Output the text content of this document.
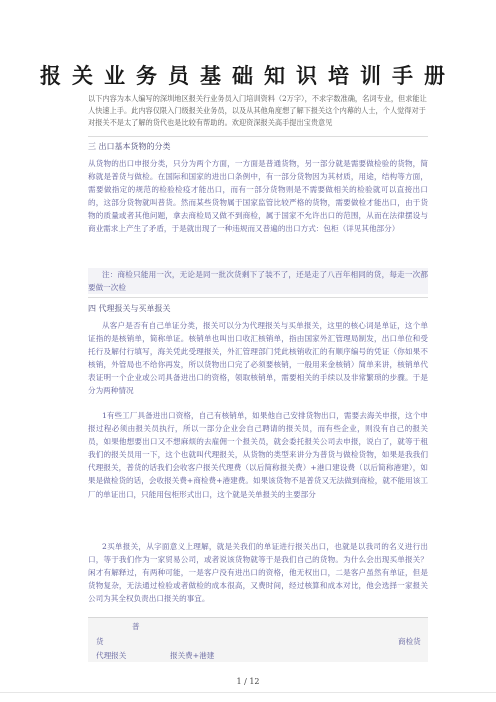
报关业务员基础知识培训手册

以下内容为本人编写的深圳地区报关行业务员入门培训资料（2万字），不求字数准确，名词专业，但求能让人快速上手。此内容仅限入门级报关业务员，以及从其他角度想了解下报关这个内幕的人士，个人觉得对于对报关不是太了解的货代也是比较有帮助的。欢迎资深报关高手提出宝贵意见

三 出口基本货物的分类
从货物的出口申报分类，只分为两个方面，一方面是普通货物，另一部分就是需要做检验的货物，简称就是普货与做检。在国际和国家的进出口条例中，有一部分货物因为其材质，用途，结构等方面，需要做指定的规范的检验检疫才能出口，而有一部分货物则是不需要做相关的检验就可以直接出口的，这部分货物就叫普货。然而某些货物属于国家监管比较严格的货物，需要做检才能出口，由于货物的质量或者其他问题，拿去商检局又做不到商检，属于国家不允许出口的范围，从而在法律摆设与商业需求上产生了矛盾，于是就出现了一种违规而又普遍的出口方式：包柜（详见其他部分）
注：商检只能用一次，无论是同一批次货剩下了装不了，还是走了八百年相同的货，每走一次都要做一次检
四 代理报关与买单报关
从客户是否有自己单证分类，报关可以分为代理报关与买单报关，这里的核心词是单证，这个单证指的是核销单，简称单证。核销单也叫出口收汇核销单，指由国家外汇管理局制发，出口单位和受托行及解付行填写，海关凭此受理报关，外汇管理部门凭此核销收汇的有顺序编号的凭证（你如果不核销，外管局也不给你再发，所以货物出口完了必须要核销，一般用来金核销）简单来讲，核销单代表证明一个企业或公司具备进出口的资格，领取核销单，需要相关的手续以及非常繁琐的步骤。于是分为两种情况
1有些工厂具备进出口资格，自己有核销单，如果他自己安排货物出口，需要去海关申报，这个申报过程必须由报关员执行，所以一部分企业会自己聘请的报关员，而有些企业，则没有自己的报关员，如果他想要出口又不想麻烦的去雇佣一个报关员，就会委托报关公司去申报，说白了，就等于租我们的报关员用一下，这个也就叫代理报关，从货物的类型来讲分为普货与做检货物，如果是我我们代理报关，普货的话我们会收客户报关代理费（以后简称报关费）+港口建设费（以后简称港建），如果是做检货的话，会收报关费+商检费+港建费。如果该货物不是普货又无法做到商检，就不能用该工厂的单证出口，只能用包柜形式出口，这个就是关单报关的主要部分
2买单报关，从字面意义上理解，就是关我们的单证进行报关出口，也就是以我司的名义进行出口，等于我们作为一家贸易公司，或者说该货物就等于是我们自己的货物。为什么会出现买单报关？闲才有解释过，有两种可能，一是客户没有进出口的资格，他无权出口，二是客户虽然有单证，但是货物复杂，无法通过检验或者做检的成本很高，又费时间，经过核算和成本对比，他会选择一家报关公司为其全权负责出口报关的事宜。
普
货	商检货
代理报关	报关费+港建
1 / 12
